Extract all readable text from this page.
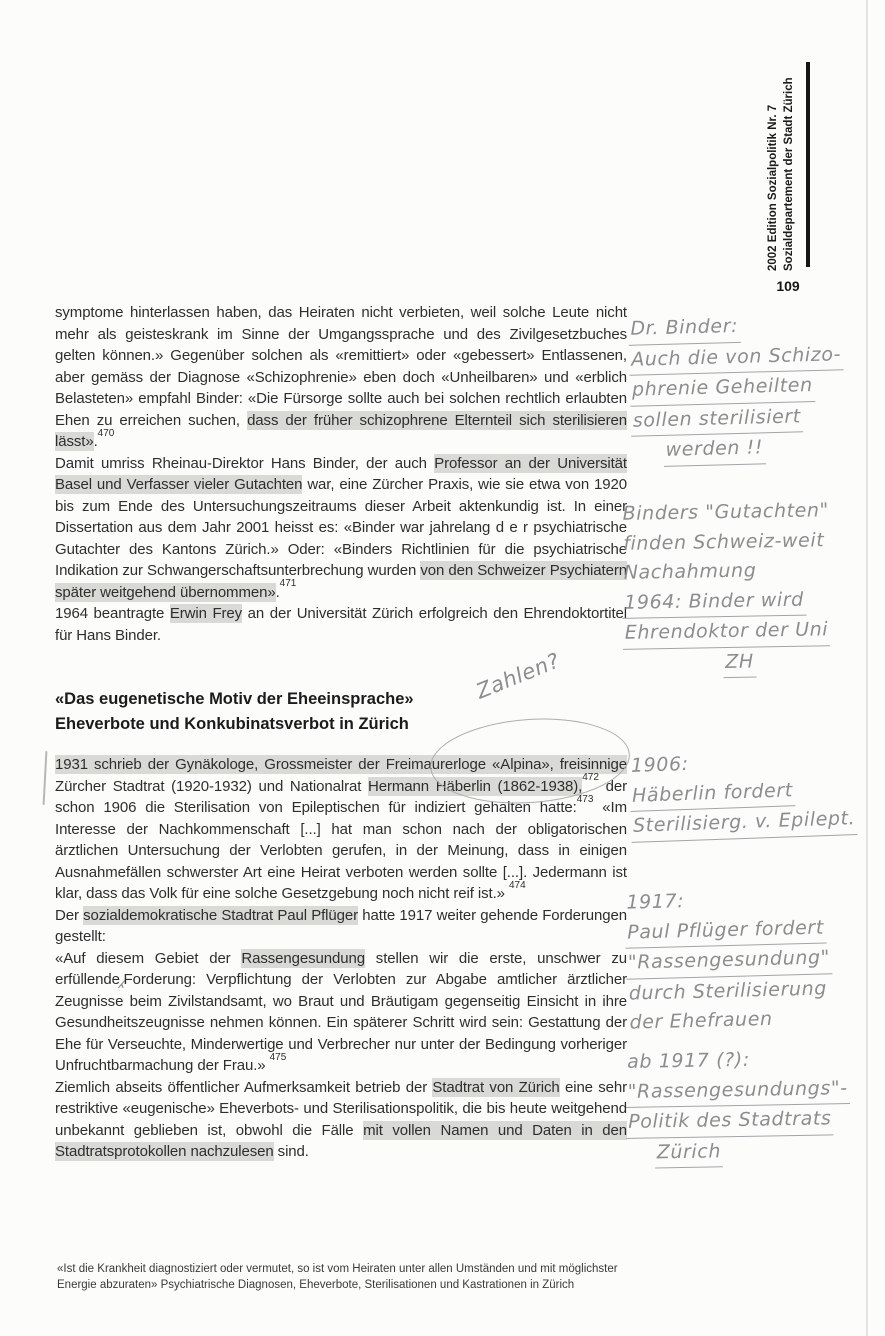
2002 Edition Sozialpolitik Nr. 7 Sozialdepartement der Stadt Zürich
109

symptome hinterlassen haben, das Heiraten nicht verbieten, weil solche Leute nicht mehr als geisteskrank im Sinne der Umgangssprache und des Zivilgesetzbuches gelten können.» Gegenüber solchen als «remittiert» oder «gebessert» Entlassenen, aber gemäss der Diagnose «Schizophrenie» eben doch «Unheilbaren» und «erblich Belasteten» empfahl Binder: «Die Fürsorge sollte auch bei solchen rechtlich erlaubten Ehen zu erreichen suchen, dass der früher schizophrene Elternteil sich sterilisieren lässt».$^{470}$

Damit umriss Rheinau-Direktor Hans Binder, der auch Professor an der Universität Basel und Verfasser vieler Gutachten war, eine Zürcher Praxis, wie sie etwa von 1920 bis zum Ende des Untersuchungszeitraums dieser Arbeit aktenkundig ist. In einer Dissertation aus dem Jahr 2001 heisst es: «Binder war jahrelang d e r psychiatrische Gutachter des Kantons Zürich.» Oder: «Binders Richtlinien für die psychiatrische Indikation zur Schwangerschaftsunterbrechung wurden von den Schweizer Psychiatern später weitgehend übernommen».$^{471}$

1964 beantragte Erwin Frey an der Universität Zürich erfolgreich den Ehrendoktortitel für Hans Binder.

«Das eugenetische Motiv der Eheeinsprache»
Eheverbote und Konkubinatsverbot in Zürich

1931 schrieb der Gynäkologe, Grossmeister der Freimaurerloge «Alpina», freisinnige Zürcher Stadtrat (1920-1932) und Nationalrat Hermann Häberlin (1862-1938),$^{472}$ der schon 1906 die Sterilisation von Epileptischen für indiziert gehalten hatte:$^{473}$ «Im Interesse der Nachkommenschaft [...] hat man schon nach der obligatorischen ärztlichen Untersuchung der Verlobten gerufen, in der Meinung, dass in einigen Ausnahmefällen schwerster Art eine Heirat verboten werden sollte [...]. Jedermann ist klar, dass das Volk für eine solche Gesetzgebung noch nicht reif ist.» $^{474}$

Der sozialdemokratische Stadtrat Paul Pflüger hatte 1917 weiter gehende Forderungen gestellt:

«Auf diesem Gebiet der Rassengesundung stellen wir die erste, unschwer zu erfüllende⁁Forderung: Verpflichtung der Verlobten zur Abgabe amtlicher ärztlicher Zeugnisse beim Zivilstandsamt, wo Braut und Bräutigam gegenseitig Einsicht in ihre Gesundheitszeugnisse nehmen können. Ein späterer Schritt wird sein: Gestattung der Ehe für Verseuchte, Minderwertige und Verbrecher nur unter der Bedingung vorheriger Unfruchtbarmachung der Frau.» $^{475}$

Ziemlich abseits öffentlicher Aufmerksamkeit betrieb der Stadtrat von Zürich eine sehr restriktive «eugenische» Eheverbots- und Sterilisationspolitik, die bis heute weitgehend unbekannt geblieben ist, obwohl die Fälle mit vollen Namen und Daten in den Stadtratsprotokollen nachzulesen sind.

Dr. Binder:
Auch die von Schizo-
phrenie Geheilten
sollen sterilisiert
werden !!
Binders "Gutachten"
finden Schweiz-weit
Nachahmung
1964: Binder wird
Ehrendoktor der Uni
ZH
Zahlen?
1906:
Häberlin fordert
Sterilisierg. v. Epilept.
1917:
Paul Pflüger fordert
"Rassengesundung"
durch Sterilisierung
der Ehefrauen
ab 1917 (?):
"Rassengesundungs"-
Politik des Stadtrats
Zürich
«Ist die Krankheit diagnostiziert oder vermutet, so ist vom Heiraten unter allen Umständen und mit möglichster Energie abzuraten» Psychiatrische Diagnosen, Eheverbote, Sterilisationen und Kastrationen in Zürich
